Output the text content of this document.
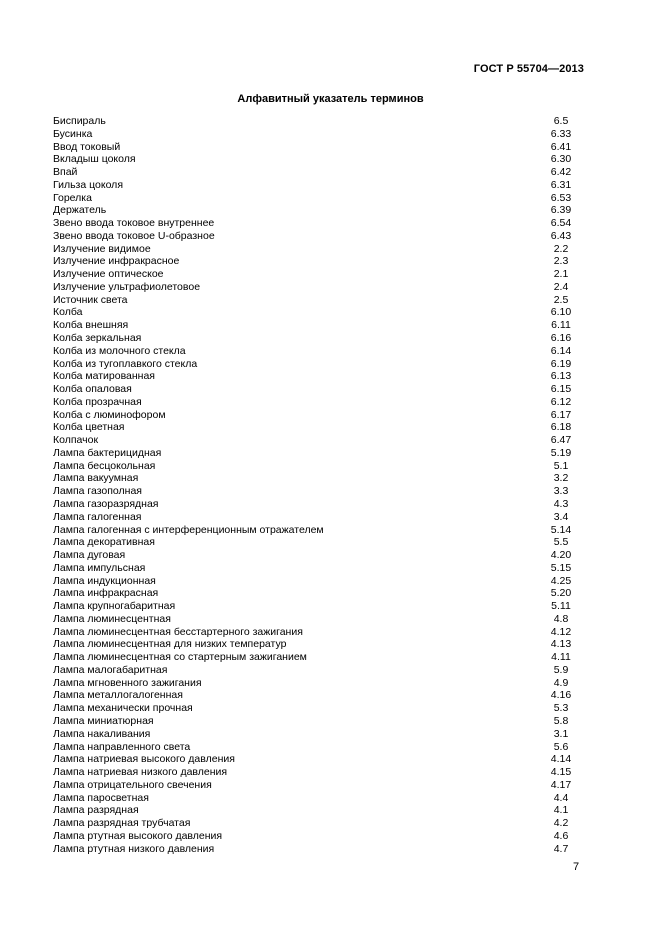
ГОСТ Р 55704—2013
Алфавитный указатель терминов
Биспираль	6.5
Бусинка	6.33
Ввод токовый	6.41
Вкладыш цоколя	6.30
Впай	6.42
Гильза цоколя	6.31
Горелка	6.53
Держатель	6.39
Звено ввода токовое внутреннее	6.54
Звено ввода токовое U-образное	6.43
Излучение видимое	2.2
Излучение инфракрасное	2.3
Излучение оптическое	2.1
Излучение ультрафиолетовое	2.4
Источник света	2.5
Колба	6.10
Колба внешняя	6.11
Колба зеркальная	6.16
Колба из молочного стекла	6.14
Колба из тугоплавкого стекла	6.19
Колба матированная	6.13
Колба опаловая	6.15
Колба прозрачная	6.12
Колба с люминофором	6.17
Колба цветная	6.18
Колпачок	6.47
Лампа бактерицидная	5.19
Лампа бесцокольная	5.1
Лампа вакуумная	3.2
Лампа газополная	3.3
Лампа газоразрядная	4.3
Лампа галогенная	3.4
Лампа галогенная с интерференционным отражателем	5.14
Лампа декоративная	5.5
Лампа дуговая	4.20
Лампа импульсная	5.15
Лампа индукционная	4.25
Лампа инфракрасная	5.20
Лампа крупногабаритная	5.11
Лампа люминесцентная	4.8
Лампа люминесцентная бесстартерного зажигания	4.12
Лампа люминесцентная для низких температур	4.13
Лампа люминесцентная со стартерным зажиганием	4.11
Лампа малогабаритная	5.9
Лампа мгновенного зажигания	4.9
Лампа металлогалогенная	4.16
Лампа механически прочная	5.3
Лампа миниатюрная	5.8
Лампа накаливания	3.1
Лампа направленного света	5.6
Лампа натриевая высокого давления	4.14
Лампа натриевая низкого давления	4.15
Лампа отрицательного свечения	4.17
Лампа паросветная	4.4
Лампа разрядная	4.1
Лампа разрядная трубчатая	4.2
Лампа ртутная высокого давления	4.6
Лампа ртутная низкого давления	4.7
7
